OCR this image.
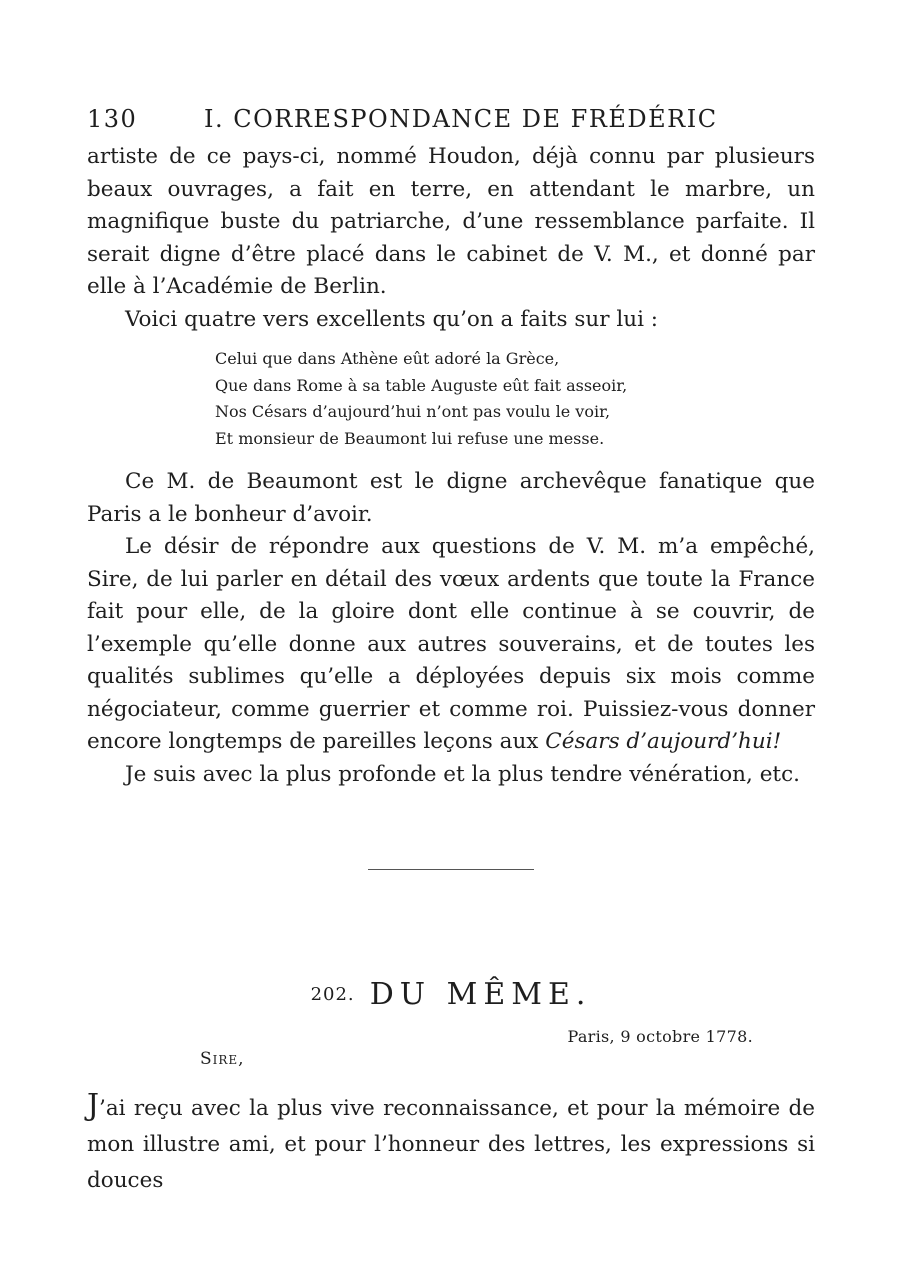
130	I. CORRESPONDANCE DE FRÉDÉRIC

artiste de ce pays-ci, nommé Houdon, déjà connu par plusieurs beaux ouvrages, a fait en terre, en attendant le marbre, un magnifique buste du patriarche, d’une ressemblance parfaite. Il serait digne d’être placé dans le cabinet de V. M., et donné par elle à l’Académie de Berlin.

Voici quatre vers excellents qu’on a faits sur lui :

Celui que dans Athène eût adoré la Grèce,
Que dans Rome à sa table Auguste eût fait asseoir,
Nos Césars d’aujourd’hui n’ont pas voulu le voir,
Et monsieur de Beaumont lui refuse une messe.

Ce M. de Beaumont est le digne archevêque fanatique que Paris a le bonheur d’avoir.

Le désir de répondre aux questions de V. M. m’a empêché, Sire, de lui parler en détail des vœux ardents que toute la France fait pour elle, de la gloire dont elle continue à se couvrir, de l’exemple qu’elle donne aux autres souverains, et de toutes les qualités sublimes qu’elle a déployées depuis six mois comme négociateur, comme guerrier et comme roi. Puissiez-vous donner encore longtemps de pareilles leçons aux Césars d’aujourd’hui!

Je suis avec la plus profonde et la plus tendre vénération, etc.

202. DU MÊME.
Paris, 9 octobre 1778.
Sire,

J’ai reçu avec la plus vive reconnaissance, et pour la mémoire de mon illustre ami, et pour l’honneur des lettres, les expressions si douces
